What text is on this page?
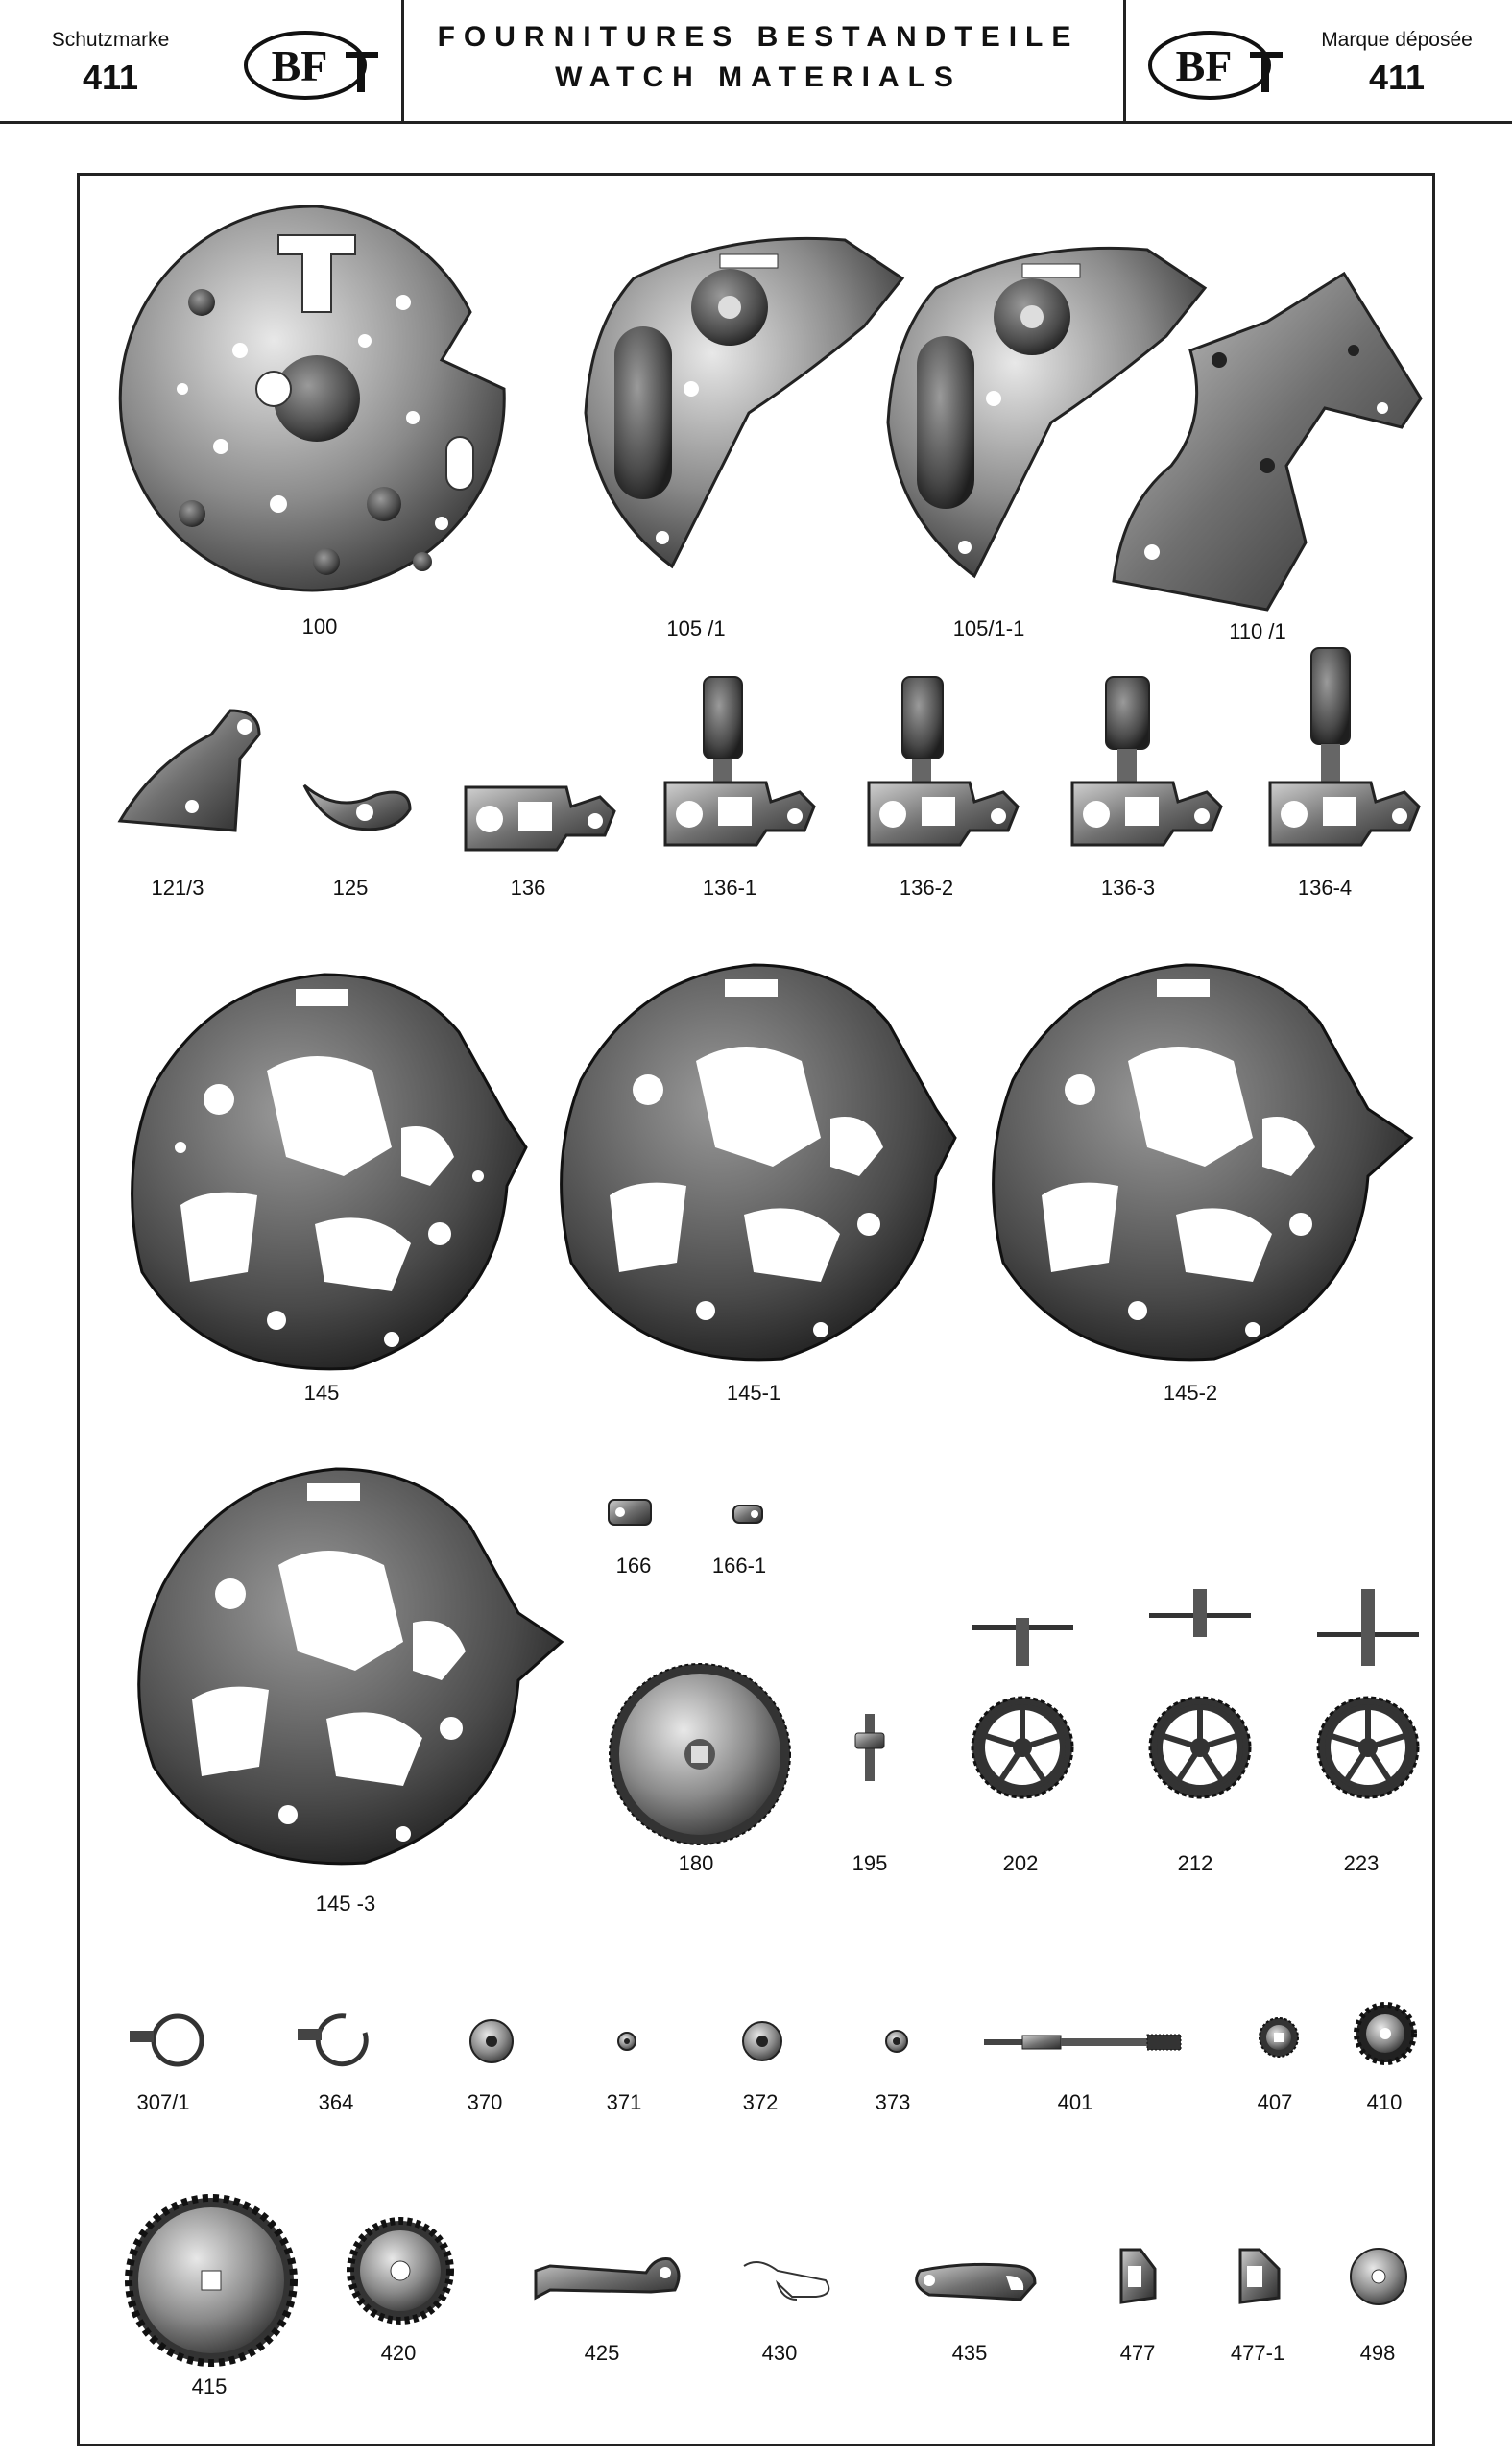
Schutzmarke
411	BF
FOURNITURES BESTANDTEILE
WATCH MATERIALS	BF
Marque déposée
411
100	105 /1	105/1-1	110 /1
121/3	125	136	136-1	136-2	136-3	136-4
145	145-1	145-2
145 -3
166	166-1
180	195	202	212	223
307/1	364	370	371	372	373	401	407	410
415
420	425	430	435	477	477-1	498
